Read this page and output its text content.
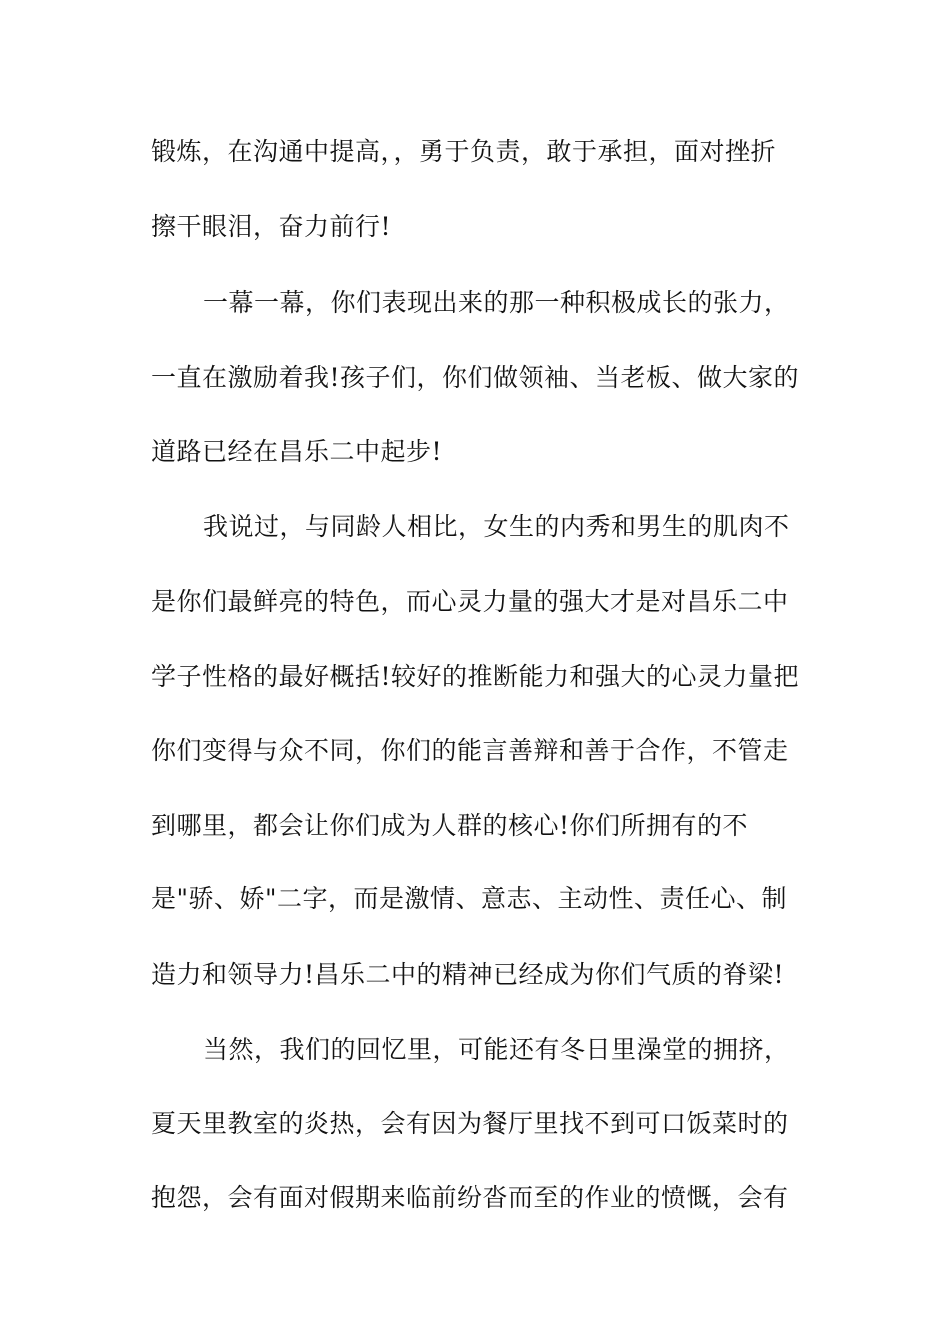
锻炼，在沟通中提高，，勇于负责，敢于承担，面对挫折
擦干眼泪，奋力前行!
一幕一幕，你们表现出来的那一种积极成长的张力，
一直在激励着我!孩子们，你们做领袖、当老板、做大家的
道路已经在昌乐二中起步!
我说过，与同龄人相比，女生的内秀和男生的肌肉不
是你们最鲜亮的特色，而心灵力量的强大才是对昌乐二中
学子性格的最好概括!较好的推断能力和强大的心灵力量把
你们变得与众不同，你们的能言善辩和善于合作，不管走
到哪里，都会让你们成为人群的核心!你们所拥有的不
是"骄、娇"二字，而是激情、意志、主动性、责任心、制
造力和领导力!昌乐二中的精神已经成为你们气质的脊梁!
当然，我们的回忆里，可能还有冬日里澡堂的拥挤，
夏天里教室的炎热，会有因为餐厅里找不到可口饭菜时的
抱怨，会有面对假期来临前纷沓而至的作业的愤慨，会有
